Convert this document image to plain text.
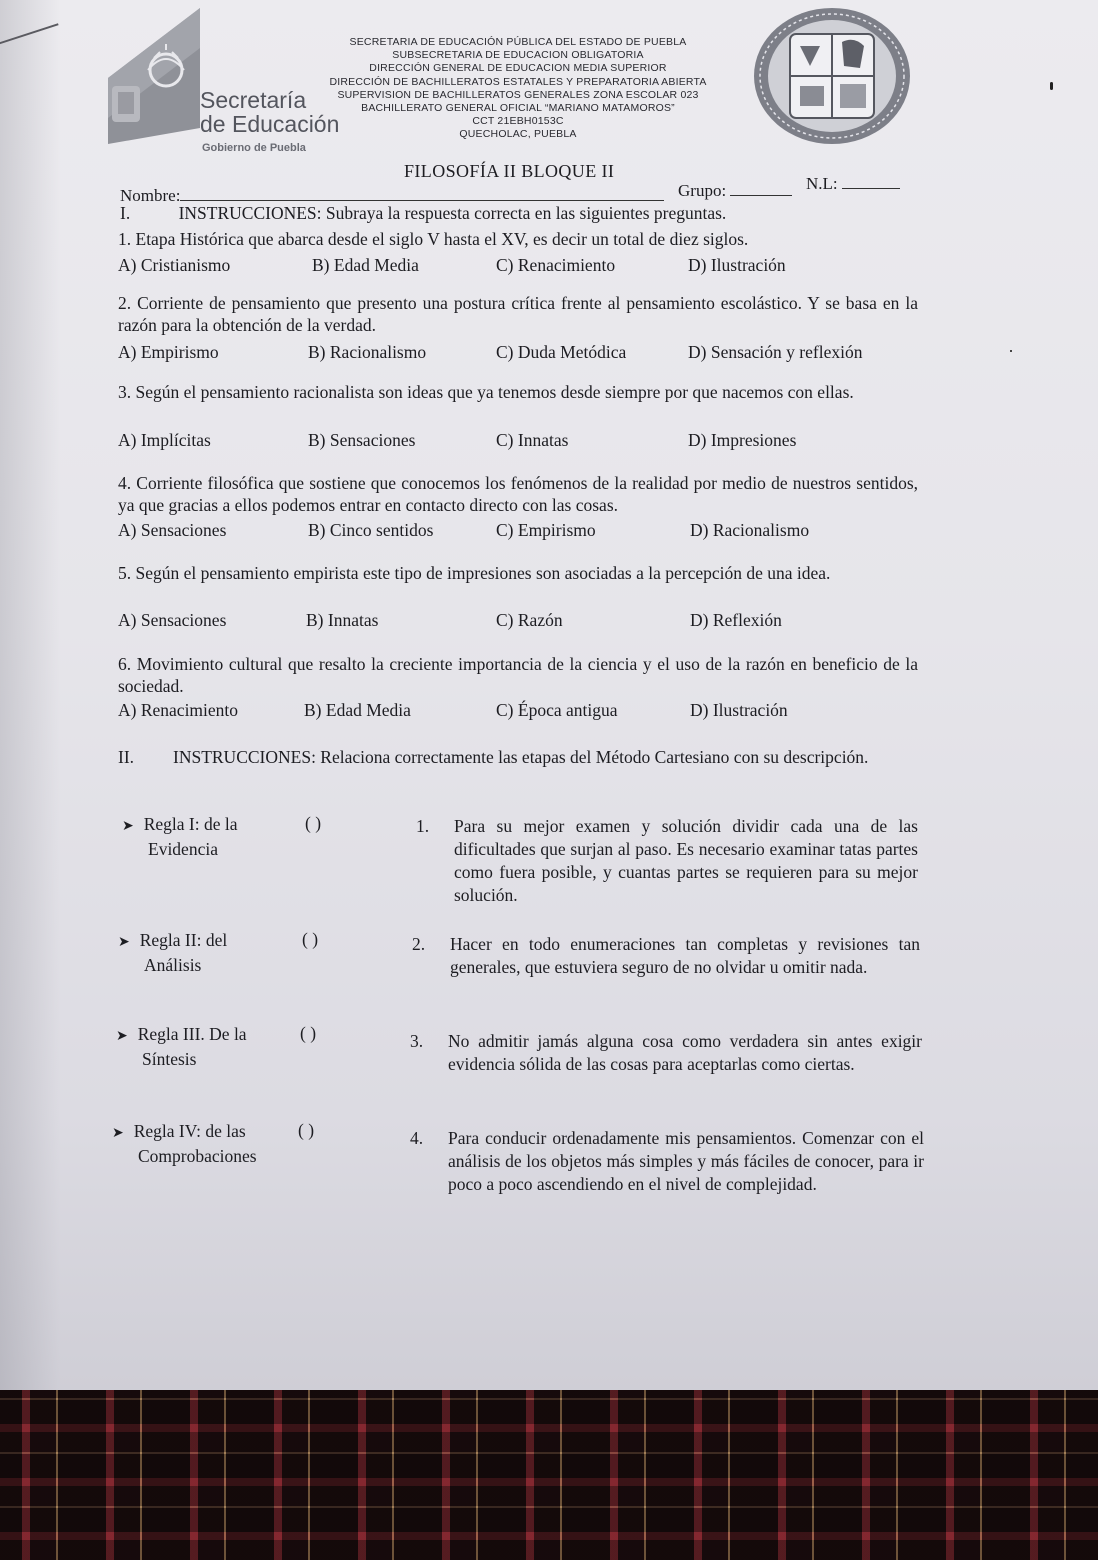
Secretaría
de Educación
Gobierno de Puebla
SECRETARIA DE EDUCACIÓN PÚBLICA DEL ESTADO DE PUEBLA
SUBSECRETARIA DE EDUCACION OBLIGATORIA
DIRECCIÓN GENERAL DE EDUCACION MEDIA SUPERIOR
DIRECCIÓN DE BACHILLERATOS ESTATALES Y PREPARATORIA ABIERTA
SUPERVISION DE BACHILLERATOS GENERALES ZONA ESCOLAR 023
BACHILLERATO GENERAL OFICIAL “MARIANO MATAMOROS”
CCT 21EBH0153C
QUECHOLAC, PUEBLA
FILOSOFÍA II BLOQUE II
Nombre:	Grupo:	N.L:
I.	INSTRUCCIONES: Subraya la respuesta correcta en las siguientes preguntas.
1. Etapa Histórica que abarca desde el siglo V hasta el XV, es decir un total de diez siglos.
A) Cristianismo	B) Edad Media	C) Renacimiento	D) Ilustración
2. Corriente de pensamiento que presento una postura crítica frente al pensamiento escolástico. Y se basa en la razón para la obtención de la verdad.
A) Empirismo	B) Racionalismo	C) Duda Metódica	D) Sensación y reflexión
3. Según el pensamiento racionalista son ideas que ya tenemos desde siempre por que nacemos con ellas.
A) Implícitas	B) Sensaciones	C) Innatas	D) Impresiones
4. Corriente filosófica que sostiene que conocemos los fenómenos de la realidad por medio de nuestros sentidos, ya que gracias a ellos podemos entrar en contacto directo con las cosas.
A) Sensaciones	B) Cinco sentidos	C) Empirismo	D) Racionalismo
5. Según el pensamiento empirista este tipo de impresiones son asociadas a la percepción de una idea.
A) Sensaciones	B) Innatas	C) Razón	D) Reflexión
6. Movimiento cultural que resalto la creciente importancia de la ciencia y el uso de la razón en beneficio de la sociedad.
A) Renacimiento	B) Edad Media	C) Época antigua	D) Ilustración
II. INSTRUCCIONES: Relaciona correctamente las etapas del Método Cartesiano con su descripción.
➤ Regla I: de la
Evidencia
( )	1. Para su mejor examen y solución dividir cada una de las dificultades que surjan al paso. Es necesario examinar tatas partes como fuera posible, y cuantas partes se requieren para su mejor solución.
➤ Regla II: del
Análisis
( )	2. Hacer en todo enumeraciones tan completas y revisiones tan generales, que estuviera seguro de no olvidar u omitir nada.
➤ Regla III. De la
Síntesis
( )	3. No admitir jamás alguna cosa como verdadera sin antes exigir evidencia sólida de las cosas para aceptarlas como ciertas.
➤ Regla IV: de las
Comprobaciones
( )	4. Para conducir ordenadamente mis pensamientos. Comenzar con el análisis de los objetos más simples y más fáciles de conocer, para ir poco a poco ascendiendo en el nivel de complejidad.
